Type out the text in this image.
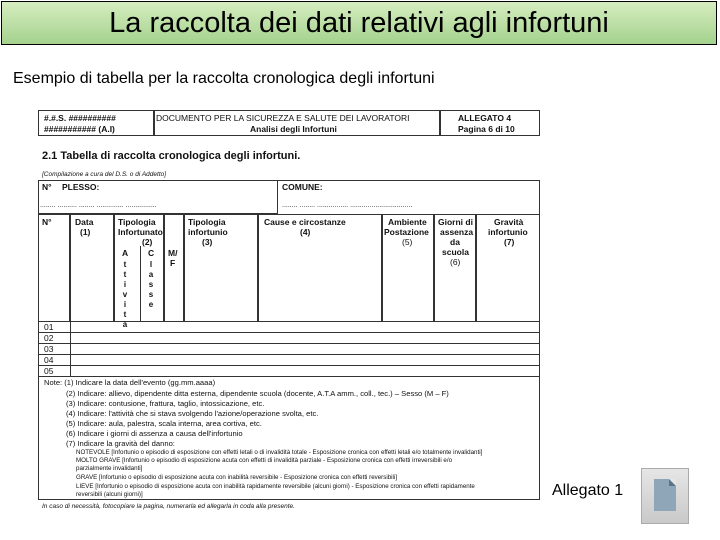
La raccolta dei dati relativi agli infortuni
Esempio di tabella per la raccolta cronologica degli infortuni
#.#.S. ##########
########### (A.I)
DOCUMENTO PER LA SICUREZZA E SALUTE DEI LAVORATORI
Analisi degli Infortuni
ALLEGATO 4
Pagina 6 di 10
2.1 Tabella di raccolta cronologica degli infortuni.
[Compilazione a cura del D.S. o di Addetto]
N° PLESSO:
........ .......... ........ .............. ................
COMUNE:
........ ........ ................ ................................
N°	Data
(1)
Tipologia
Infortunato
(2)
A C
t
t
i
v
i
t
à
l
a
s
s
e
M/
F
Tipologia
infortunio
(3)
Cause e circostanze
(4)
Ambiente
Postazione
(5)
Giorni di
assenza
da
scuola
(6)
Gravità
infortunio
(7)
01
02
03
04
05
Note: (1) Indicare la data dell'evento (gg.mm.aaaa)
(2) Indicare: allievo, dipendente ditta esterna, dipendente scuola (docente, A.T.A amm., coll., tec.) – Sesso (M – F)
(3) Indicare: contusione, frattura, taglio, intossicazione, etc.
(4) Indicare: l'attività che si stava svolgendo l'azione/operazione svolta, etc.
(5) Indicare: aula, palestra, scala interna, area cortiva, etc.
(6) Indicare i giorni di assenza a causa dell'infortunio
(7) Indicare la gravità del danno:
NOTEVOLE [Infortunio o episodio di esposizione con effetti letali o di invalidità totale - Esposizione cronica con effetti letali e/o totalmente invalidanti]
MOLTO GRAVE [Infortunio o episodio di esposizione acuta con effetti di invalidità parziale - Esposizione cronica con effetti irreversibili e/o
parzialmente invalidanti]
GRAVE [Infortunio o episodio di esposizione acuta con inabilità reversibile - Esposizione cronica con effetti reversibili]
LIEVE [Infortunio o episodio di esposizione acuta con inabilità rapidamente reversibile (alcuni giorni) - Esposizione cronica con effetti rapidamente
reversibili (alcuni giorni)]
In caso di necessità, fotocopiare la pagina, numerarla ed allegarla in coda alla presente.
Allegato 1
